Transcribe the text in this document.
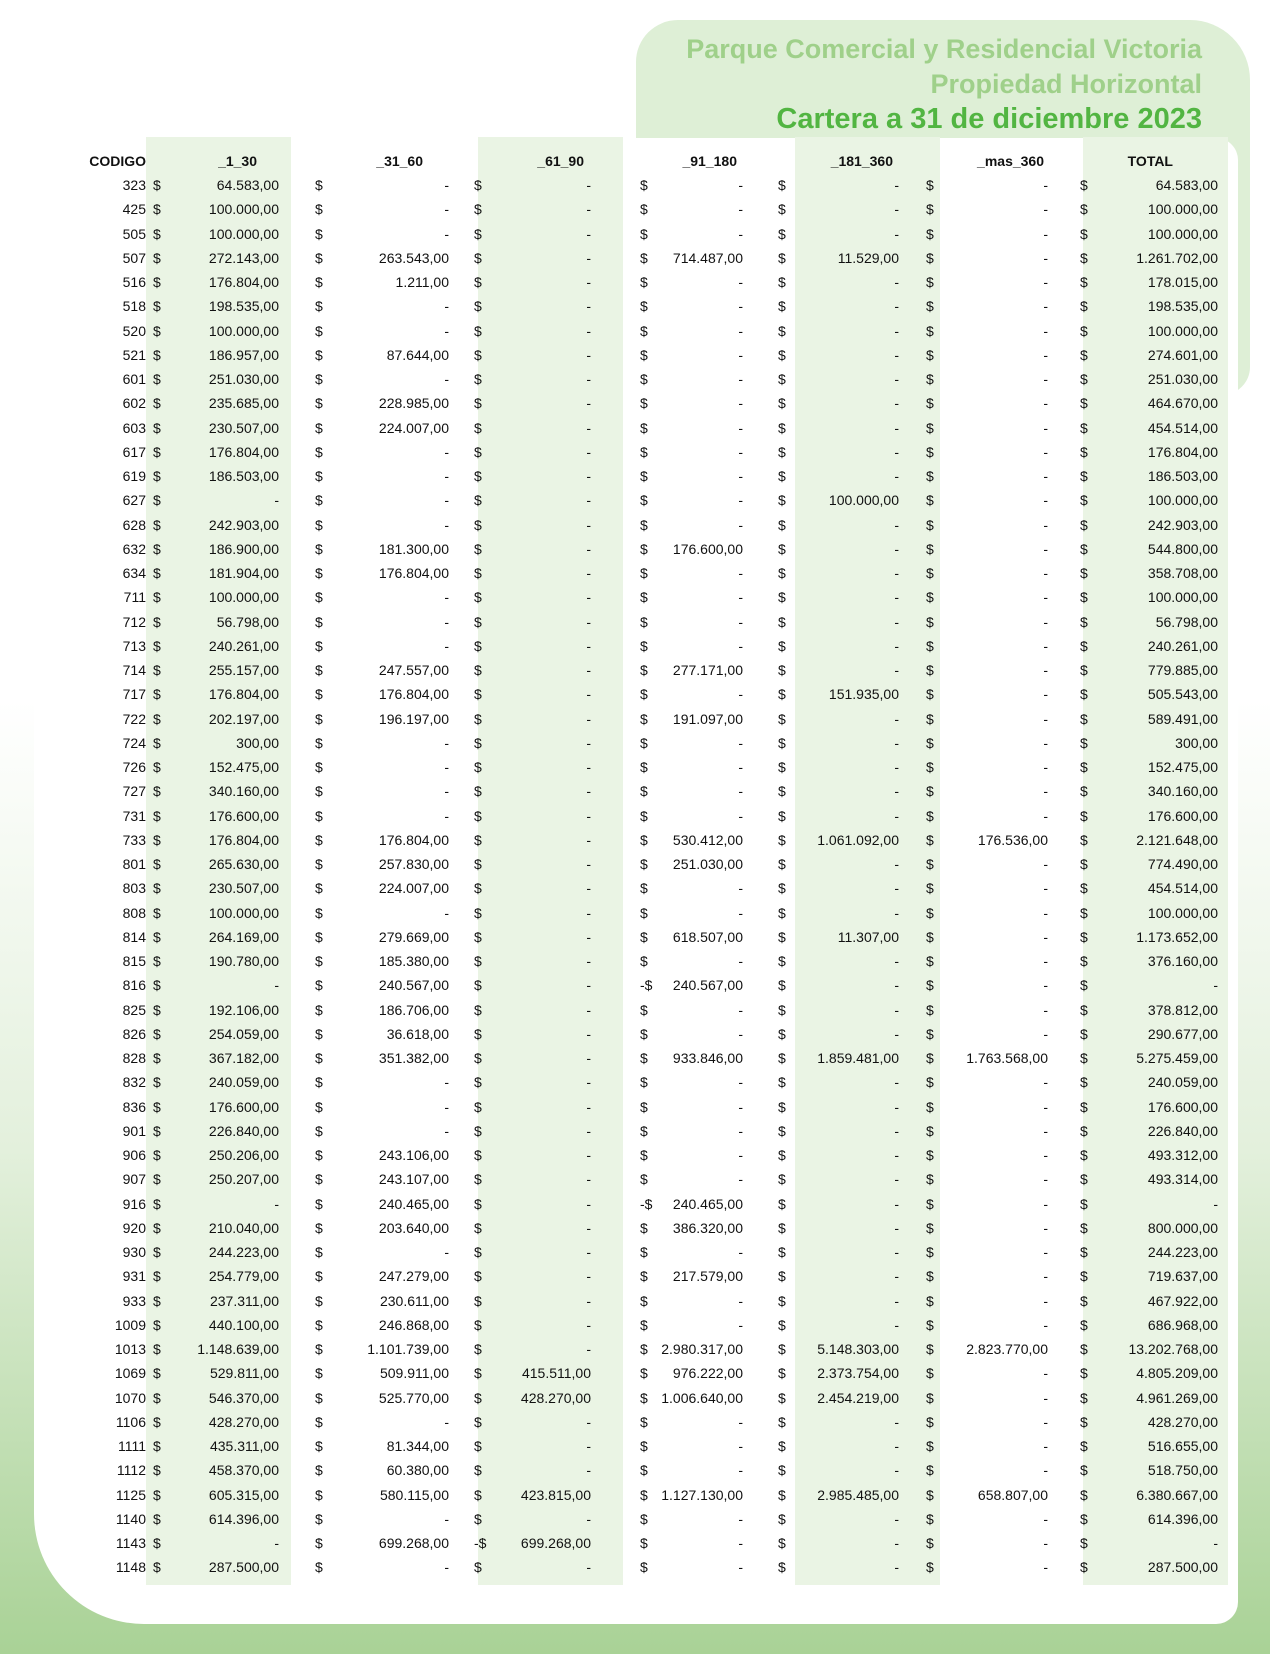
Parque Comercial y Residencial Victoria
Propiedad Horizontal
Cartera a 31 de diciembre 2023
CODIGO	_1_30	_31_60	_61_90	_91_180	_181_360	_mas_360	TOTAL
323	$ 64.583,00	$ -	$ -	$ -	$ -	$ -	$ 64.583,00
425	$ 100.000,00	$ -	$ -	$ -	$ -	$ -	$ 100.000,00
505	$ 100.000,00	$ -	$ -	$ -	$ -	$ -	$ 100.000,00
507	$ 272.143,00	$ 263.543,00	$ -	$ 714.487,00	$ 11.529,00	$ -	$ 1.261.702,00
516	$ 176.804,00	$ 1.211,00	$ -	$ -	$ -	$ -	$ 178.015,00
518	$ 198.535,00	$ -	$ -	$ -	$ -	$ -	$ 198.535,00
520	$ 100.000,00	$ -	$ -	$ -	$ -	$ -	$ 100.000,00
521	$ 186.957,00	$ 87.644,00	$ -	$ -	$ -	$ -	$ 274.601,00
601	$ 251.030,00	$ -	$ -	$ -	$ -	$ -	$ 251.030,00
602	$ 235.685,00	$ 228.985,00	$ -	$ -	$ -	$ -	$ 464.670,00
603	$ 230.507,00	$ 224.007,00	$ -	$ -	$ -	$ -	$ 454.514,00
617	$ 176.804,00	$ -	$ -	$ -	$ -	$ -	$ 176.804,00
619	$ 186.503,00	$ -	$ -	$ -	$ -	$ -	$ 186.503,00
627	$ -	$ -	$ -	$ -	$ 100.000,00	$ -	$ 100.000,00
628	$ 242.903,00	$ -	$ -	$ -	$ -	$ -	$ 242.903,00
632	$ 186.900,00	$ 181.300,00	$ -	$ 176.600,00	$ -	$ -	$ 544.800,00
634	$ 181.904,00	$ 176.804,00	$ -	$ -	$ -	$ -	$ 358.708,00
711	$ 100.000,00	$ -	$ -	$ -	$ -	$ -	$ 100.000,00
712	$ 56.798,00	$ -	$ -	$ -	$ -	$ -	$ 56.798,00
713	$ 240.261,00	$ -	$ -	$ -	$ -	$ -	$ 240.261,00
714	$ 255.157,00	$ 247.557,00	$ -	$ 277.171,00	$ -	$ -	$ 779.885,00
717	$ 176.804,00	$ 176.804,00	$ -	$ -	$ 151.935,00	$ -	$ 505.543,00
722	$ 202.197,00	$ 196.197,00	$ -	$ 191.097,00	$ -	$ -	$ 589.491,00
724	$ 300,00	$ -	$ -	$ -	$ -	$ -	$ 300,00
726	$ 152.475,00	$ -	$ -	$ -	$ -	$ -	$ 152.475,00
727	$ 340.160,00	$ -	$ -	$ -	$ -	$ -	$ 340.160,00
731	$ 176.600,00	$ -	$ -	$ -	$ -	$ -	$ 176.600,00
733	$ 176.804,00	$ 176.804,00	$ -	$ 530.412,00	$ 1.061.092,00	$ 176.536,00	$ 2.121.648,00
801	$ 265.630,00	$ 257.830,00	$ -	$ 251.030,00	$ -	$ -	$ 774.490,00
803	$ 230.507,00	$ 224.007,00	$ -	$ -	$ -	$ -	$ 454.514,00
808	$ 100.000,00	$ -	$ -	$ -	$ -	$ -	$ 100.000,00
814	$ 264.169,00	$ 279.669,00	$ -	$ 618.507,00	$ 11.307,00	$ -	$ 1.173.652,00
815	$ 190.780,00	$ 185.380,00	$ -	$ -	$ -	$ -	$ 376.160,00
816	$ -	$ 240.567,00	$ -	-$ 240.567,00	$ -	$ -	$ -
825	$ 192.106,00	$ 186.706,00	$ -	$ -	$ -	$ -	$ 378.812,00
826	$ 254.059,00	$ 36.618,00	$ -	$ -	$ -	$ -	$ 290.677,00
828	$ 367.182,00	$ 351.382,00	$ -	$ 933.846,00	$ 1.859.481,00	$ 1.763.568,00	$ 5.275.459,00
832	$ 240.059,00	$ -	$ -	$ -	$ -	$ -	$ 240.059,00
836	$ 176.600,00	$ -	$ -	$ -	$ -	$ -	$ 176.600,00
901	$ 226.840,00	$ -	$ -	$ -	$ -	$ -	$ 226.840,00
906	$ 250.206,00	$ 243.106,00	$ -	$ -	$ -	$ -	$ 493.312,00
907	$ 250.207,00	$ 243.107,00	$ -	$ -	$ -	$ -	$ 493.314,00
916	$ -	$ 240.465,00	$ -	-$ 240.465,00	$ -	$ -	$ -
920	$ 210.040,00	$ 203.640,00	$ -	$ 386.320,00	$ -	$ -	$ 800.000,00
930	$ 244.223,00	$ -	$ -	$ -	$ -	$ -	$ 244.223,00
931	$ 254.779,00	$ 247.279,00	$ -	$ 217.579,00	$ -	$ -	$ 719.637,00
933	$ 237.311,00	$ 230.611,00	$ -	$ -	$ -	$ -	$ 467.922,00
1009	$ 440.100,00	$ 246.868,00	$ -	$ -	$ -	$ -	$ 686.968,00
1013	$ 1.148.639,00	$ 1.101.739,00	$ -	$ 2.980.317,00	$ 5.148.303,00	$ 2.823.770,00	$ 13.202.768,00
1069	$ 529.811,00	$ 509.911,00	$ 415.511,00	$ 976.222,00	$ 2.373.754,00	$ -	$ 4.805.209,00
1070	$ 546.370,00	$ 525.770,00	$ 428.270,00	$ 1.006.640,00	$ 2.454.219,00	$ -	$ 4.961.269,00
1106	$ 428.270,00	$ -	$ -	$ -	$ -	$ -	$ 428.270,00
1111	$ 435.311,00	$ 81.344,00	$ -	$ -	$ -	$ -	$ 516.655,00
1112	$ 458.370,00	$ 60.380,00	$ -	$ -	$ -	$ -	$ 518.750,00
1125	$ 605.315,00	$ 580.115,00	$ 423.815,00	$ 1.127.130,00	$ 2.985.485,00	$ 658.807,00	$ 6.380.667,00
1140	$ 614.396,00	$ -	$ -	$ -	$ -	$ -	$ 614.396,00
1143	$ -	$ 699.268,00	-$ 699.268,00	$ -	$ -	$ -	$ -
1148	$ 287.500,00	$ -	$ -	$ -	$ -	$ -	$ 287.500,00
